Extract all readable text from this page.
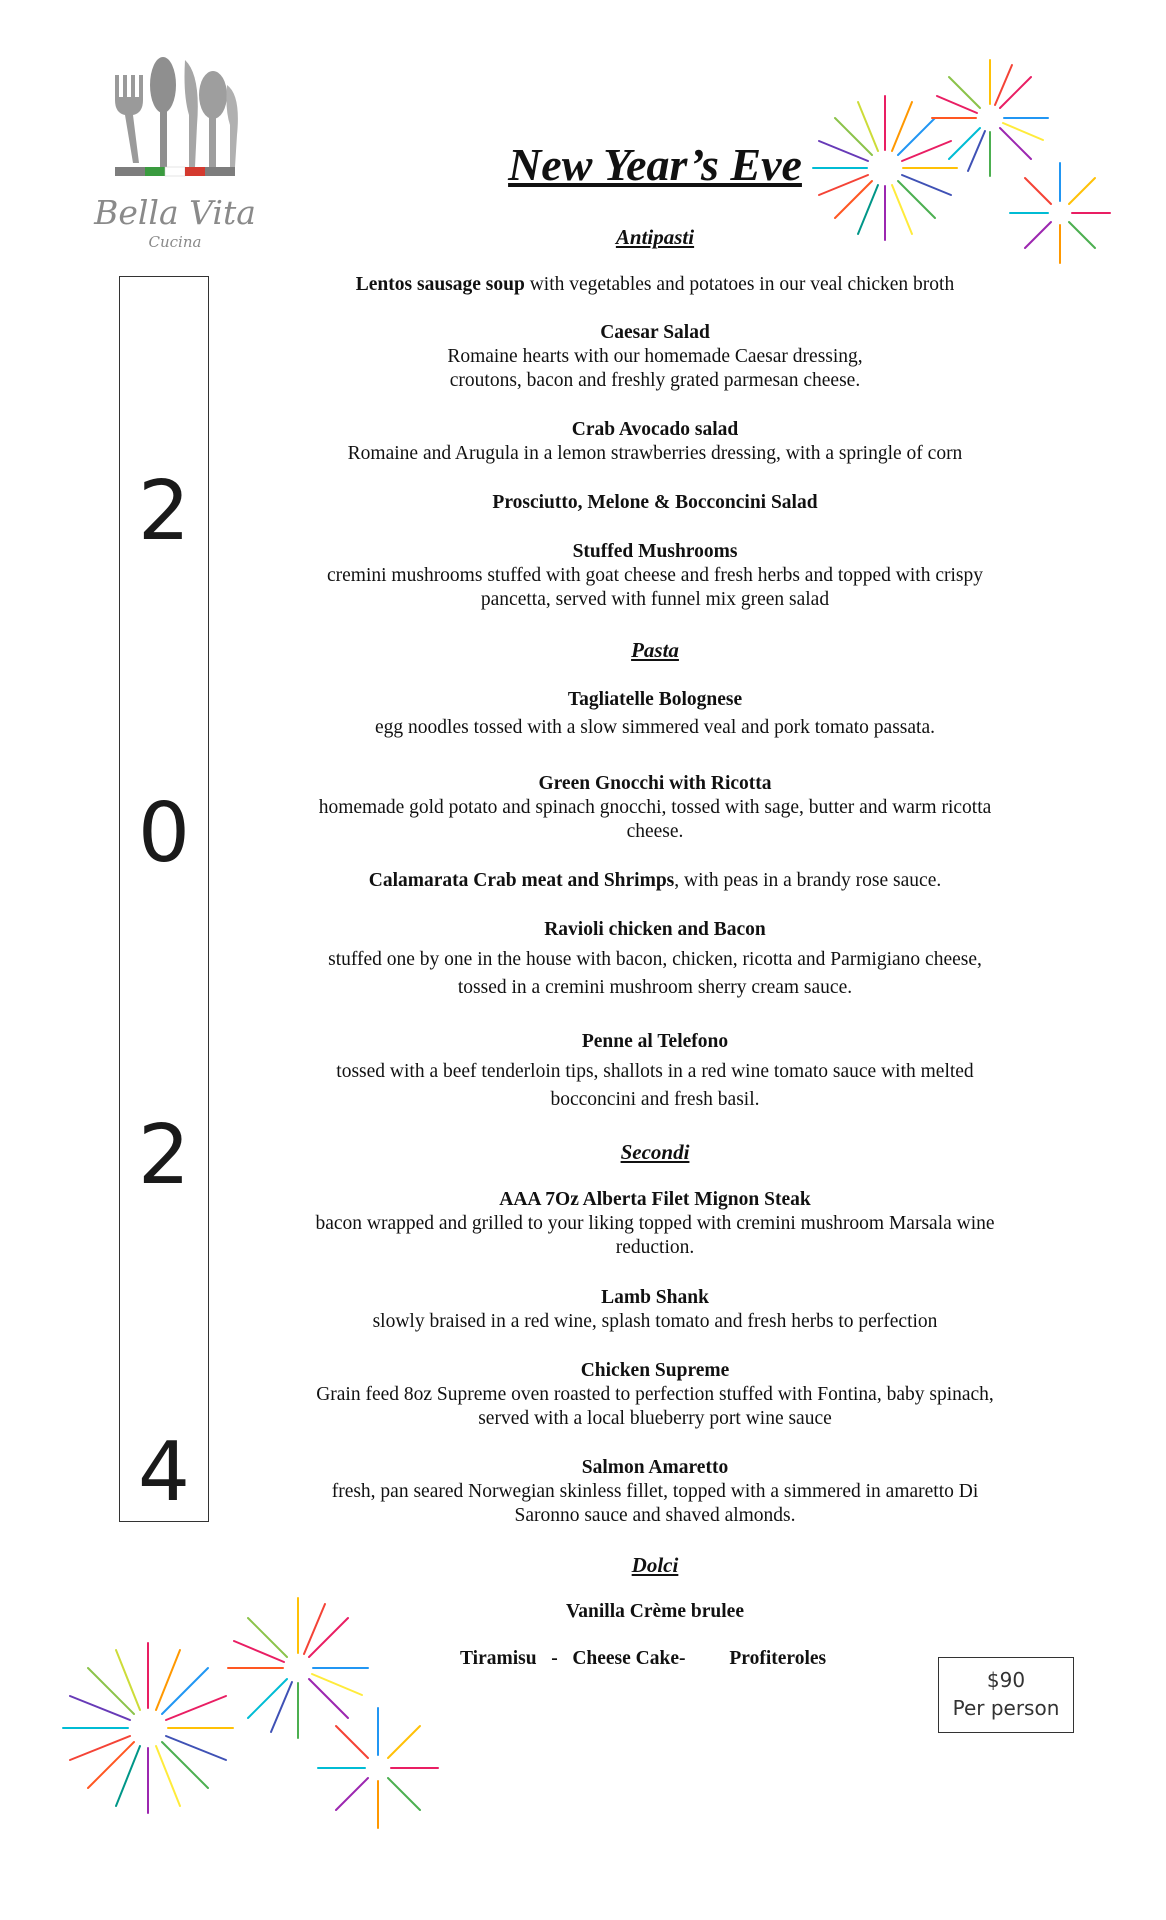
Bella Vita
Cucina
2
0
2
4
New Year’s Eve
Antipasti
Lentos sausage soup with vegetables and potatoes in our veal chicken broth
Caesar Salad
Romaine hearts with our homemade Caesar dressing,
croutons, bacon and freshly grated parmesan cheese.
Crab Avocado salad
Romaine and Arugula in a lemon strawberries dressing, with a springle of corn
Prosciutto, Melone & Bocconcini Salad
Stuffed Mushrooms
cremini mushrooms stuffed with goat cheese and fresh herbs and topped with crispy
pancetta, served with funnel mix green salad
Pasta
Tagliatelle Bolognese
egg noodles tossed with a slow simmered veal and pork tomato passata.
Green Gnocchi with Ricotta
homemade gold potato and spinach gnocchi, tossed with sage, butter and warm ricotta
cheese.
Calamarata Crab meat and Shrimps, with peas in a brandy rose sauce.
Ravioli chicken and Bacon
stuffed one by one in the house with bacon, chicken, ricotta and Parmigiano cheese,
tossed in a cremini mushroom sherry cream sauce.
Penne al Telefono
tossed with a beef tenderloin tips, shallots in a red wine tomato sauce with melted
bocconcini and fresh basil.
Secondi
AAA 7Oz Alberta Filet Mignon Steak
bacon wrapped and grilled to your liking topped with cremini mushroom Marsala wine
reduction.
Lamb Shank
slowly braised in a red wine, splash tomato and fresh herbs to perfection
Chicken Supreme
Grain feed 8oz Supreme oven roasted to perfection stuffed with Fontina, baby spinach,
served with a local blueberry port wine sauce
Salmon Amaretto
fresh, pan seared Norwegian skinless fillet, topped with a simmered in amaretto Di
Saronno sauce and shaved almonds.
Dolci
Vanilla Crème brulee
Tiramisu   -   Cheese Cake-         Profiteroles
$90
Per person
